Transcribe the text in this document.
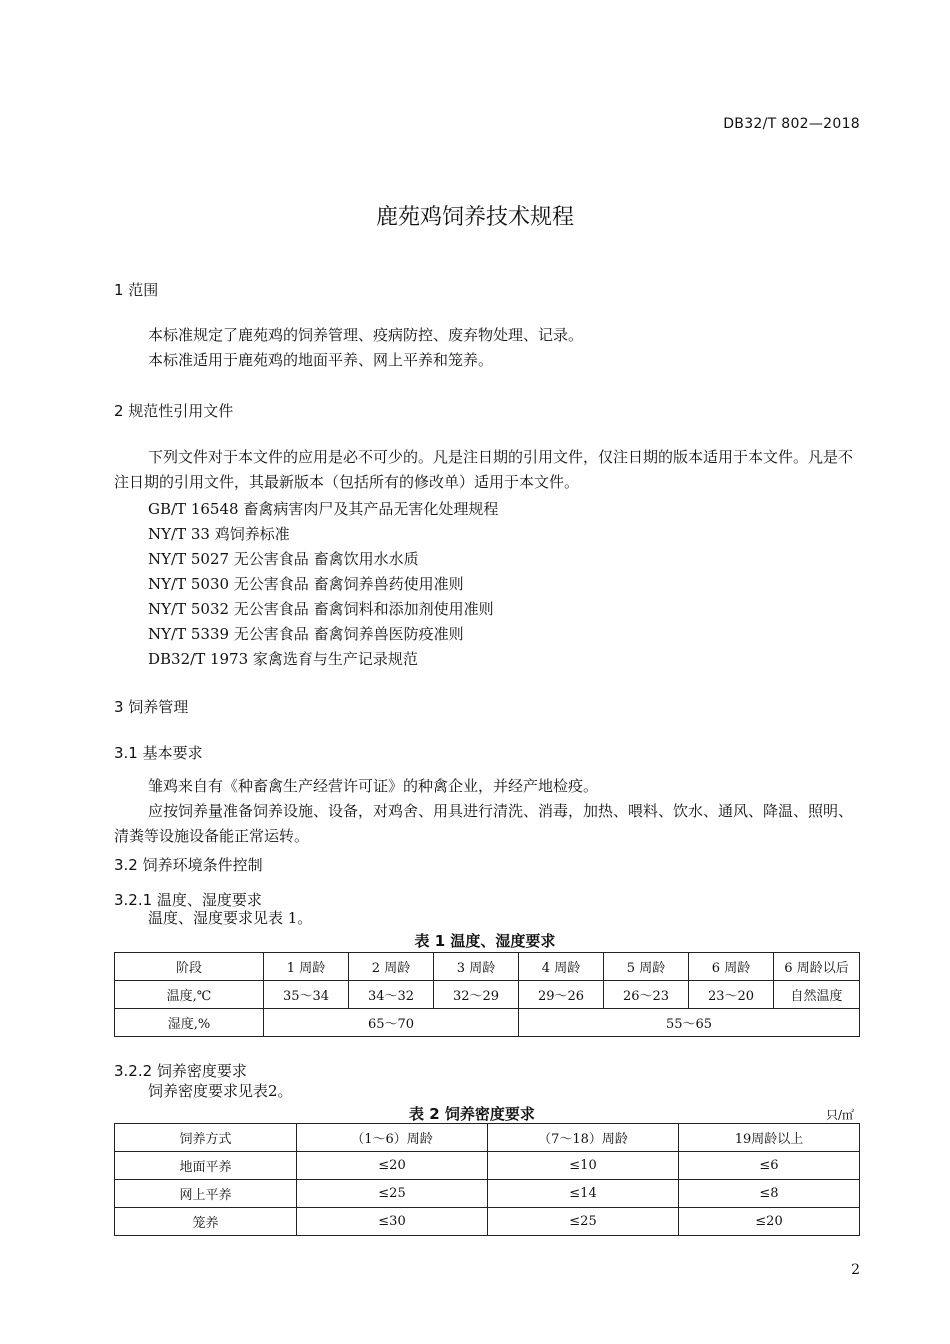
DB32/T 802—2018
鹿苑鸡饲养技术规程
1 范围
本标准规定了鹿苑鸡的饲养管理、疫病防控、废弃物处理、记录。
本标准适用于鹿苑鸡的地面平养、网上平养和笼养。
2 规范性引用文件
下列文件对于本文件的应用是必不可少的。凡是注日期的引用文件，仅注日期的版本适用于本文件。凡是不注日期的引用文件，其最新版本（包括所有的修改单）适用于本文件。
GB/T 16548 畜禽病害肉尸及其产品无害化处理规程
NY/T 33 鸡饲养标准
NY/T 5027 无公害食品 畜禽饮用水水质
NY/T 5030 无公害食品 畜禽饲养兽药使用准则
NY/T 5032 无公害食品 畜禽饲料和添加剂使用准则
NY/T 5339 无公害食品 畜禽饲养兽医防疫准则
DB32/T 1973 家禽选育与生产记录规范
3 饲养管理
3.1 基本要求
雏鸡来自有《种畜禽生产经营许可证》的种禽企业，并经产地检疫。
应按饲养量准备饲养设施、设备，对鸡舍、用具进行清洗、消毒，加热、喂料、饮水、通风、降温、照明、清粪等设施设备能正常运转。
3.2 饲养环境条件控制
3.2.1 温度、湿度要求
温度、湿度要求见表 1。
表 1 温度、湿度要求
阶段	1 周龄	2 周龄	3 周龄	4 周龄	5 周龄	6 周龄	6 周龄以后
温度,℃	35～34	34～32	32～29	29～26	26～23	23～20	自然温度
湿度,%	65～70			55～65			
3.2.2 饲养密度要求
饲养密度要求见表2。
表 2 饲养密度要求	只/㎡
饲养方式	（1～6）周龄	（7～18）周龄	19周龄以上
地面平养	≤20	≤10	≤6
网上平养	≤25	≤14	≤8
笼养	≤30	≤25	≤20
2
